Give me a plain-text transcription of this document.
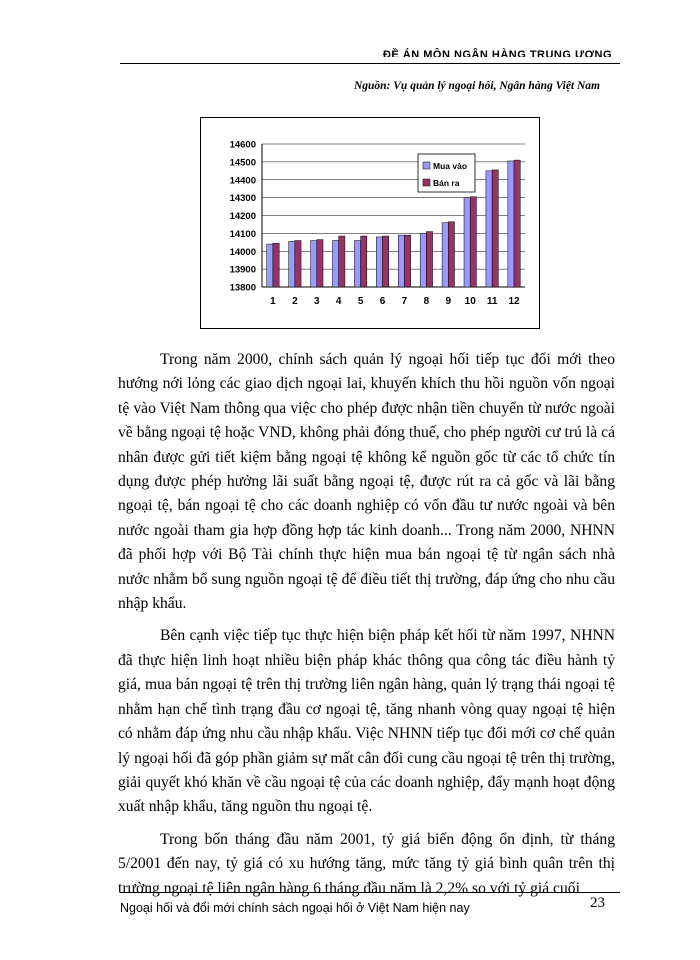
ĐỀ ÁN MÔN NGÂN HÀNG TRUNG ƯƠNG
Nguồn: Vụ quản lý ngoại hối, Ngân hàng Việt Nam
14600
14500
14400
14300
14200
14100
14000
13900
13800
1 2 3 4 5 6 7 8 9 10 11 12
Mua vào
Bán ra

Trong năm 2000, chính sách quản lý ngoại hối tiếp tục đổi mới theo hướng nới lỏng các giao dịch ngoại lai, khuyến khích thu hồi nguồn vốn ngoại tệ vào Việt Nam thông qua việc cho phép được nhận tiền chuyển từ nước ngoài về bằng ngoại tệ hoặc VND, không phải đóng thuế, cho phép người cư trú là cá nhân được gửi tiết kiệm bằng ngoại tệ không kể nguồn gốc từ các tổ chức tín dụng được phép hưởng lãi suất bằng ngoại tệ, được rút ra cả gốc và lãi bằng ngoại tệ, bán ngoại tệ cho các doanh nghiệp có vốn đầu tư nước ngoài và bên nước ngoài tham gia hợp đồng hợp tác kinh doanh... Trong năm 2000, NHNN đã phối hợp với Bộ Tài chính thực hiện mua bán ngoại tệ từ ngân sách nhà nước nhằm bổ sung nguồn ngoại tệ để điều tiết thị trường, đáp ứng cho nhu cầu nhập khẩu.

Bên cạnh việc tiếp tục thực hiện biện pháp kết hối từ năm 1997, NHNN đã thực hiện linh hoạt nhiều biện pháp khác thông qua công tác điều hành tỷ giá, mua bán ngoại tệ trên thị trường liên ngân hàng, quản lý trạng thái ngoại tệ nhằm hạn chế tình trạng đầu cơ ngoại tệ, tăng nhanh vòng quay ngoại tệ hiện có nhằm đáp ứng nhu cầu nhập khẩu. Việc NHNN tiếp tục đổi mới cơ chế quản lý ngoại hối đã góp phần giảm sự mất cân đối cung cầu ngoại tệ trên thị trường, giải quyết khó khăn về cầu ngoại tệ của các doanh nghiệp, đẩy mạnh hoạt động xuất nhập khẩu, tăng nguồn thu ngoại tệ.

Trong bốn tháng đầu năm 2001, tỷ giá biến động ổn định, từ tháng 5/2001 đến nay, tỷ giá có xu hướng tăng, mức tăng tỷ giá bình quân trên thị trường ngoại tệ liên ngân hàng 6 tháng đầu năm là 2,2% so với tỷ giá cuối

Ngoại hối và đổi mới chính sách ngoại hối ở Việt Nam hiện nay	23
